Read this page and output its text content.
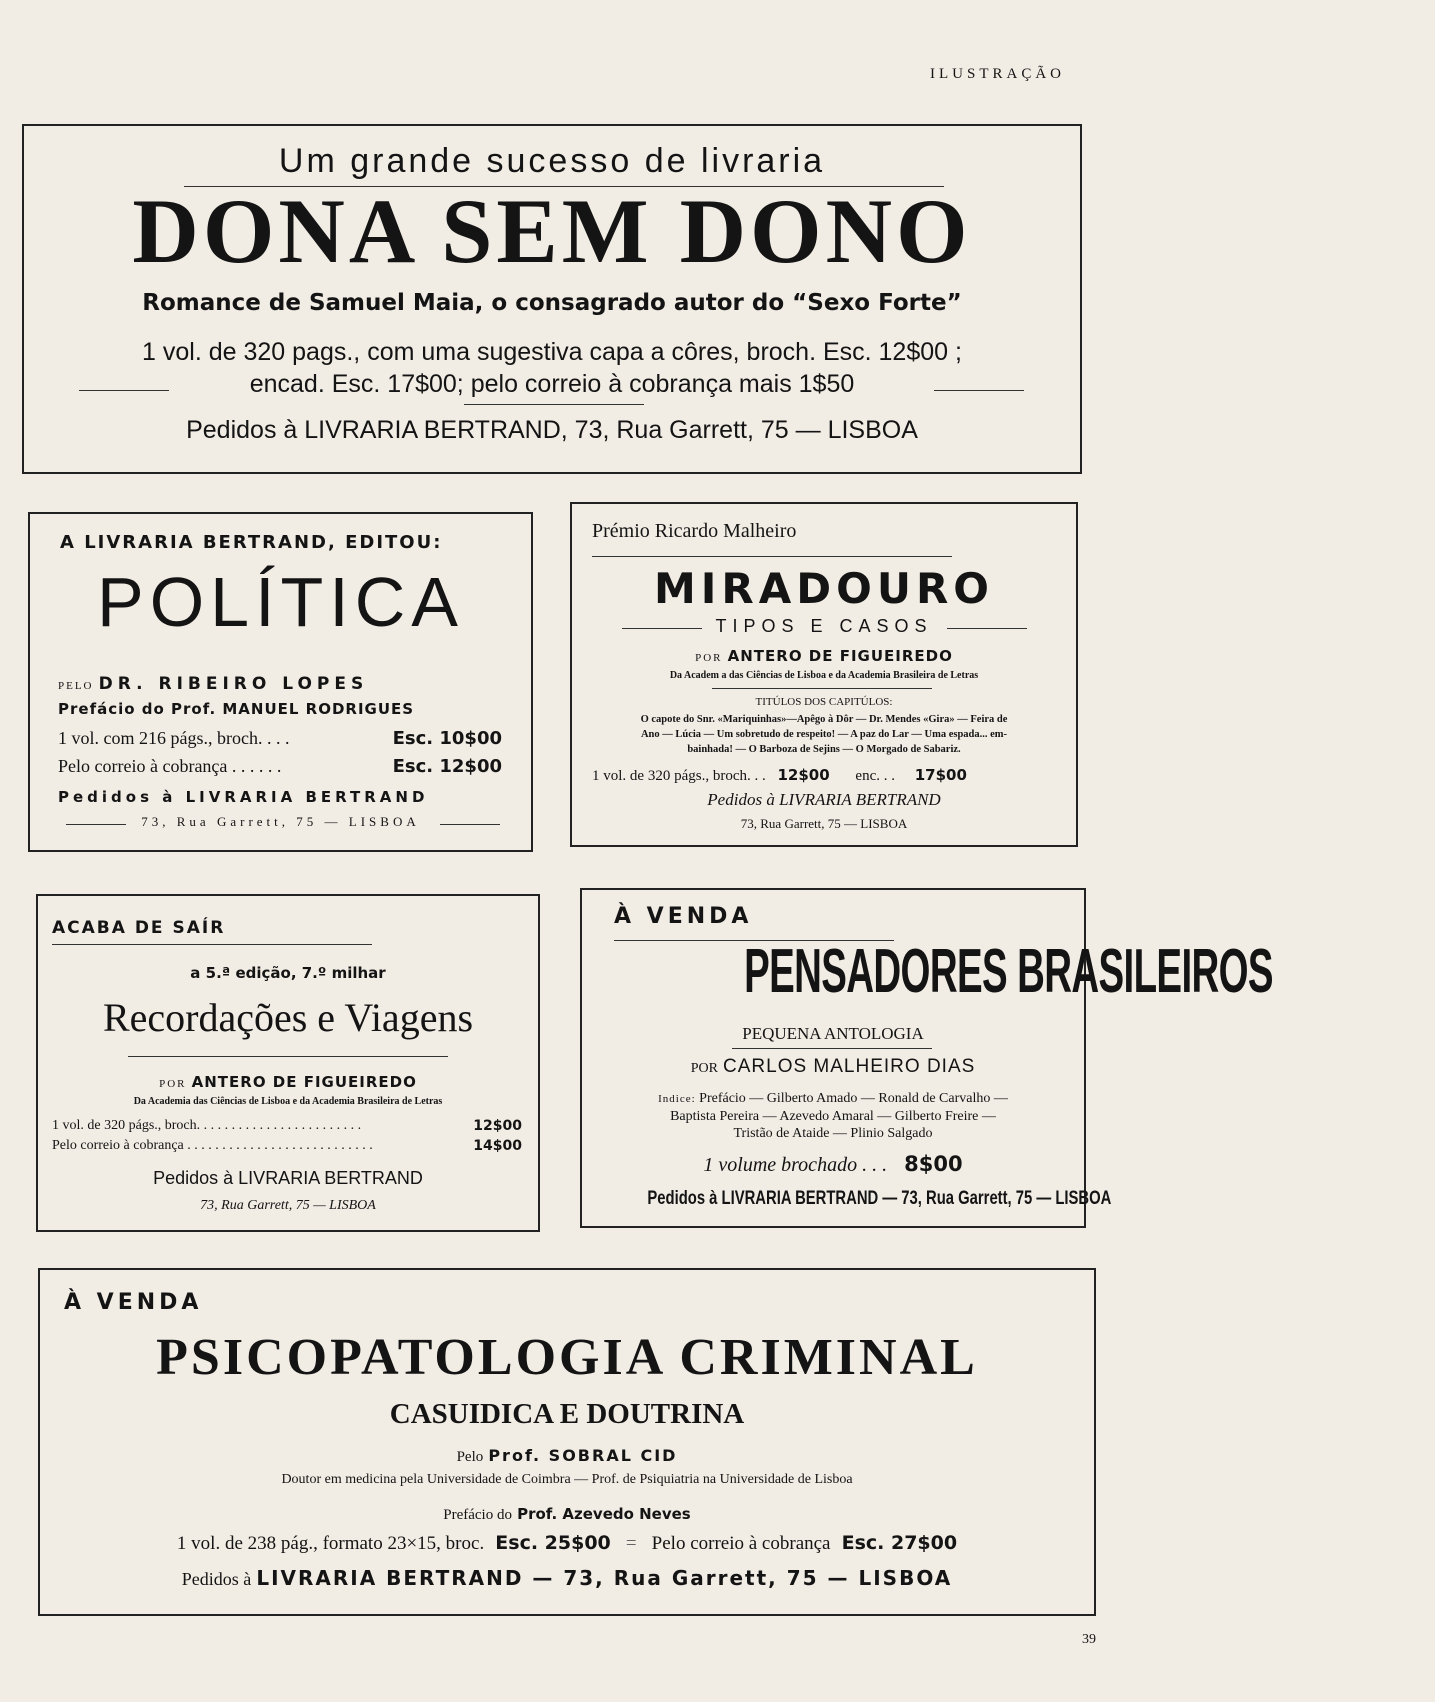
ILUSTRAÇÃO
Um grande sucesso de livraria
DONA SEM DONO
Romance de Samuel Maia, o consagrado autor do “Sexo Forte”
1 vol. de 320 pags., com uma sugestiva capa a côres, broch. Esc. 12$00 ;
encad. Esc. 17$00; pelo correio à cobrança mais 1$50
Pedidos à LIVRARIA BERTRAND, 73, Rua Garrett, 75 — LISBOA
A LIVRARIA BERTRAND, EDITOU:
POLÍTICA
PELO DR. RIBEIRO LOPES
Prefácio do Prof. MANUEL RODRIGUES
1 vol. com 216 págs., broch. . . .	Esc. 10$00
Pelo correio à cobrança . . . . . .	Esc. 12$00
Pedidos à LIVRARIA BERTRAND
73, Rua Garrett, 75 — LISBOA
Prémio Ricardo Malheiro
MIRADOURO
TIPOS E CASOS
POR ANTERO DE FIGUEIREDO
Da Academ a das Ciências de Lisboa e da Academia Brasileira de Letras
TITÚLOS DOS CAPITÚLOS:
O capote do Snr. «Mariquinhas»—Apêgo à Dôr — Dr. Mendes «Gira» — Feira de
Ano — Lúcia — Um sobretudo de respeito! — A paz do Lar — Uma espada... em-
bainhada! — O Barboza de Sejins — O Morgado de Sabariz.
1 vol. de 320 págs., broch. . . 12$00 enc. . . 17$00
Pedidos à LIVRARIA BERTRAND
73, Rua Garrett, 75 — LISBOA
ACABA DE SAÍR
a 5.ª edição, 7.º milhar
Recordações e Viagens
POR ANTERO DE FIGUEIREDO
Da Academia das Ciências de Lisboa e da Academia Brasileira de Letras
1 vol. de 320 págs., broch. . . . . . . . . . . . . . . . . . . . . . . .	12$00
Pelo correio à cobrança . . . . . . . . . . . . . . . . . . . . . . . . . . .	14$00
Pedidos à LIVRARIA BERTRAND
73, Rua Garrett, 75 — LISBOA
À VENDA
PENSADORES BRASILEIROS
PEQUENA ANTOLOGIA
POR CARLOS MALHEIRO DIAS
Indice: Prefácio — Gilberto Amado — Ronald de Carvalho —
Baptista Pereira — Azevedo Amaral — Gilberto Freire —
Tristão de Ataide — Plinio Salgado
1 volume brochado . . . 8$00
Pedidos à LIVRARIA BERTRAND — 73, Rua Garrett, 75 — LISBOA
À VENDA
PSICOPATOLOGIA CRIMINAL
CASUIDICA E DOUTRINA
Pelo Prof. SOBRAL CID
Doutor em medicina pela Universidade de Coimbra — Prof. de Psiquiatria na Universidade de Lisboa
Prefácio do Prof. Azevedo Neves
1 vol. de 238 pág., formato 23×15, broc. Esc. 25$00 = Pelo correio à cobrança Esc. 27$00
Pedidos à LIVRARIA BERTRAND — 73, Rua Garrett, 75 — LISBOA
39
